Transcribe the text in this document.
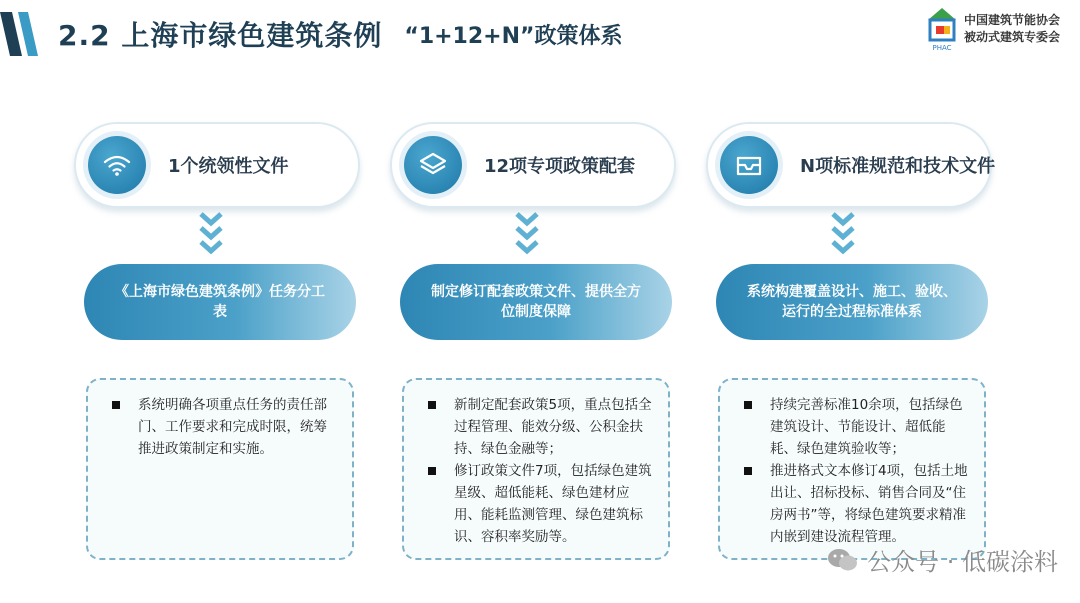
2.2 上海市绿色建筑条例 “1+12+N”政策体系	PHAC
中国建筑节能协会
被动式建筑专委会
1个统领性文件
《上海市绿色建筑条例》任务分工表
系统明确各项重点任务的责任部门、工作要求和完成时限，统筹推进政策制定和实施。
12项专项政策配套
制定修订配套政策文件、提供全方位制度保障
新制定配套政策5项，重点包括全过程管理、能效分级、公积金扶持、绿色金融等；
修订政策文件7项，包括绿色建筑星级、超低能耗、绿色建材应用、能耗监测管理、绿色建筑标识、容积率奖励等。
N项标准规范和技术文件
系统构建覆盖设计、施工、验收、运行的全过程标准体系
持续完善标准10余项，包括绿色建筑设计、节能设计、超低能耗、绿色建筑验收等；
推进格式文本修订4项，包括土地出让、招标投标、销售合同及“住房两书”等，将绿色建筑要求精准内嵌到建设流程管理。
公众号 · 低碳涂料
